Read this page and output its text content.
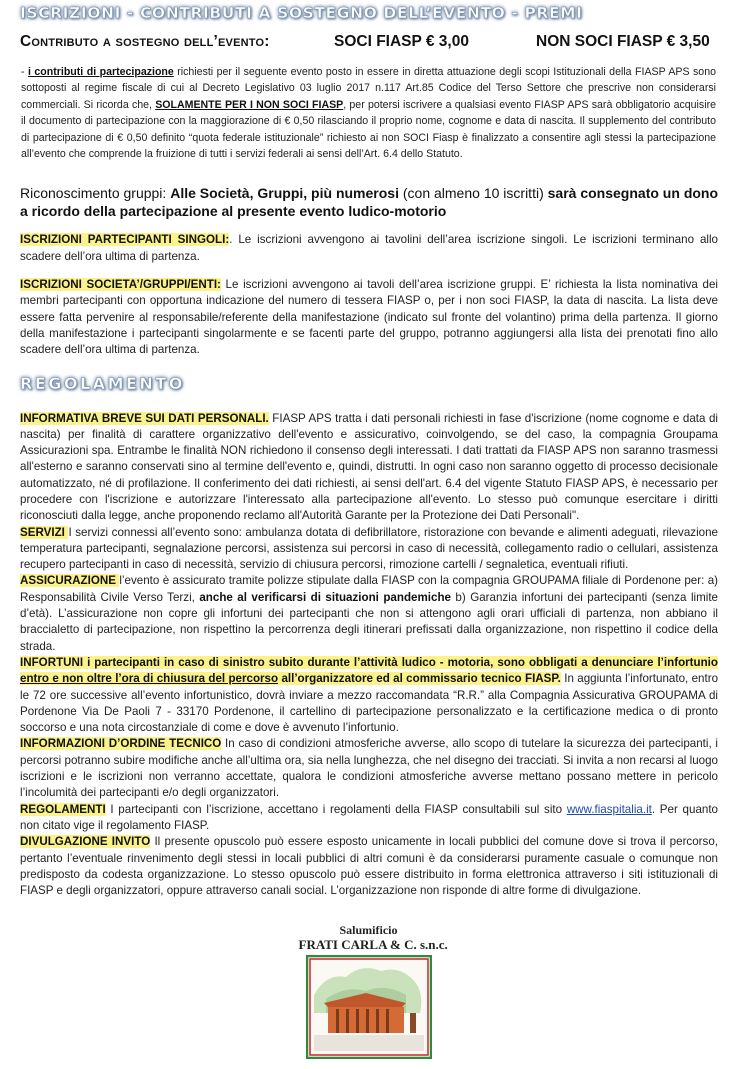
ISCRIZIONI - CONTRIBUTI A SOSTEGNO DELL’EVENTO - PREMI
Contributo a sostegno dell’evento:	SOCI FIASP € 3,00	NON SOCI FIASP € 3,50
- i contributi di partecipazione richiesti per il seguente evento posto in essere in diretta attuazione degli scopi Istituzionali della FIASP APS sono sottoposti al regime fiscale di cui al Decreto Legislativo 03 luglio 2017 n.117 Art.85 Codice del Terso Settore che prescrive non considerarsi commerciali. Si ricorda che, SOLAMENTE PER I NON SOCI FIASP, per potersi iscrivere a qualsiasi evento FIASP APS sarà obbligatorio acquisire il documento di partecipazione con la maggiorazione di € 0,50 rilasciando il proprio nome, cognome e data di nascita. Il supplemento del contributo di partecipazione di € 0,50 definito “quota federale istituzionale” richiesto ai non SOCI Fiasp è finalizzato a consentire agli stessi la partecipazione all’evento che comprende la fruizione di tutti i servizi federali ai sensi dell’Art. 6.4 dello Statuto.
Riconoscimento gruppi: Alle Società, Gruppi, più numerosi (con almeno 10 iscritti) sarà consegnato un dono a ricordo della partecipazione al presente evento ludico-motorio
ISCRIZIONI PARTECIPANTI SINGOLI:. Le iscrizioni avvengono ai tavolini dell’area iscrizione singoli. Le iscrizioni terminano allo scadere dell’ora ultima di partenza.
ISCRIZIONI SOCIETA’/GRUPPI/ENTI: Le iscrizioni avvengono ai tavoli dell’area iscrizione gruppi. E’ richiesta la lista nominativa dei membri partecipanti con opportuna indicazione del numero di tessera FIASP o, per i non soci FIASP, la data di nascita. La lista deve essere fatta pervenire al responsabile/referente della manifestazione (indicato sul fronte del volantino) prima della partenza. Il giorno della manifestazione i partecipanti singolarmente e se facenti parte del gruppo, potranno aggiungersi alla lista dei prenotati fino allo scadere dell’ora ultima di partenza.
REGOLAMENTO
INFORMATIVA BREVE SUI DATI PERSONALI. FIASP APS tratta i dati personali richiesti in fase d'iscrizione (nome cognome e data di nascita) per finalità di carattere organizzativo dell'evento e assicurativo, coinvolgendo, se del caso, la compagnia Groupama Assicurazioni spa. Entrambe le finalità NON richiedono il consenso degli interessati. I dati trattati da FIASP APS non saranno trasmessi all'esterno e saranno conservati sino al termine dell'evento e, quindi, distrutti. In ogni caso non saranno oggetto di processo decisionale automatizzato, né di profilazione. Il conferimento dei dati richiesti, ai sensi dell'art. 6.4 del vigente Statuto FIASP APS, è necessario per procedere con l'iscrizione e autorizzare l'interessato alla partecipazione all'evento. Lo stesso può comunque esercitare i diritti riconosciuti dalla legge, anche proponendo reclamo all'Autorità Garante per la Protezione dei Dati Personali".
SERVIZI I servizi connessi all’evento sono: ambulanza dotata di defibrillatore, ristorazione con bevande e alimenti adeguati, rilevazione temperatura partecipanti, segnalazione percorsi, assistenza sui percorsi in caso di necessità, collegamento radio o cellulari, assistenza recupero partecipanti in caso di necessità, servizio di chiusura percorsi, rimozione cartelli / segnaletica, eventuali rifiuti.
ASSICURAZIONE l’evento è assicurato tramite polizze stipulate dalla FIASP con la compagnia GROUPAMA filiale di Pordenone per: a) Responsabilità Civile Verso Terzi, anche al verificarsi di situazioni pandemiche b) Garanzia infortuni dei partecipanti (senza limite d’età). L’assicurazione non copre gli infortuni dei partecipanti che non si attengono agli orari ufficiali di partenza, non abbiano il braccialetto di partecipazione, non rispettino la percorrenza degli itinerari prefissati dalla organizzazione, non rispettino il codice della strada.
INFORTUNI i partecipanti in caso di sinistro subito durante l’attività ludico - motoria, sono obbligati a denunciare l’infortunio entro e non oltre l’ora di chiusura del percorso all’organizzatore ed al commissario tecnico FIASP. In aggiunta l’infortunato, entro le 72 ore successive all’evento infortunistico, dovrà inviare a mezzo raccomandata “R.R.” alla Compagnia Assicurativa GROUPAMA di Pordenone Via De Paoli 7 - 33170 Pordenone, il cartellino di partecipazione personalizzato e la certificazione medica o di pronto soccorso e una nota circostanziale di come e dove è avvenuto l’infortunio.
INFORMAZIONI D’ORDINE TECNICO In caso di condizioni atmosferiche avverse, allo scopo di tutelare la sicurezza dei partecipanti, i percorsi potranno subire modifiche anche all’ultima ora, sia nella lunghezza, che nel disegno dei tracciati. Si invita a non recarsi al luogo iscrizioni e le iscrizioni non verranno accettate, qualora le condizioni atmosferiche avverse mettano possano mettere in pericolo l’incolumità dei partecipanti e/o degli organizzatori.
REGOLAMENTI I partecipanti con l’iscrizione, accettano i regolamenti della FIASP consultabili sul sito www.fiaspitalia.it. Per quanto non citato vige il regolamento FIASP.
DIVULGAZIONE INVITO Il presente opuscolo può essere esposto unicamente in locali pubblici del comune dove si trova il percorso, pertanto l’eventuale rinvenimento degli stessi in locali pubblici di altri comuni è da considerarsi puramente casuale o comunque non predisposto da codesta organizzazione. Lo stesso opuscolo può essere distribuito in forma elettronica attraverso i siti istituzionali di FIASP e degli organizzatori, oppure attraverso canali social. L’organizzazione non risponde di altre forme di divulgazione.
Salumificio
FRATI CARLA & C. s.n.c.
